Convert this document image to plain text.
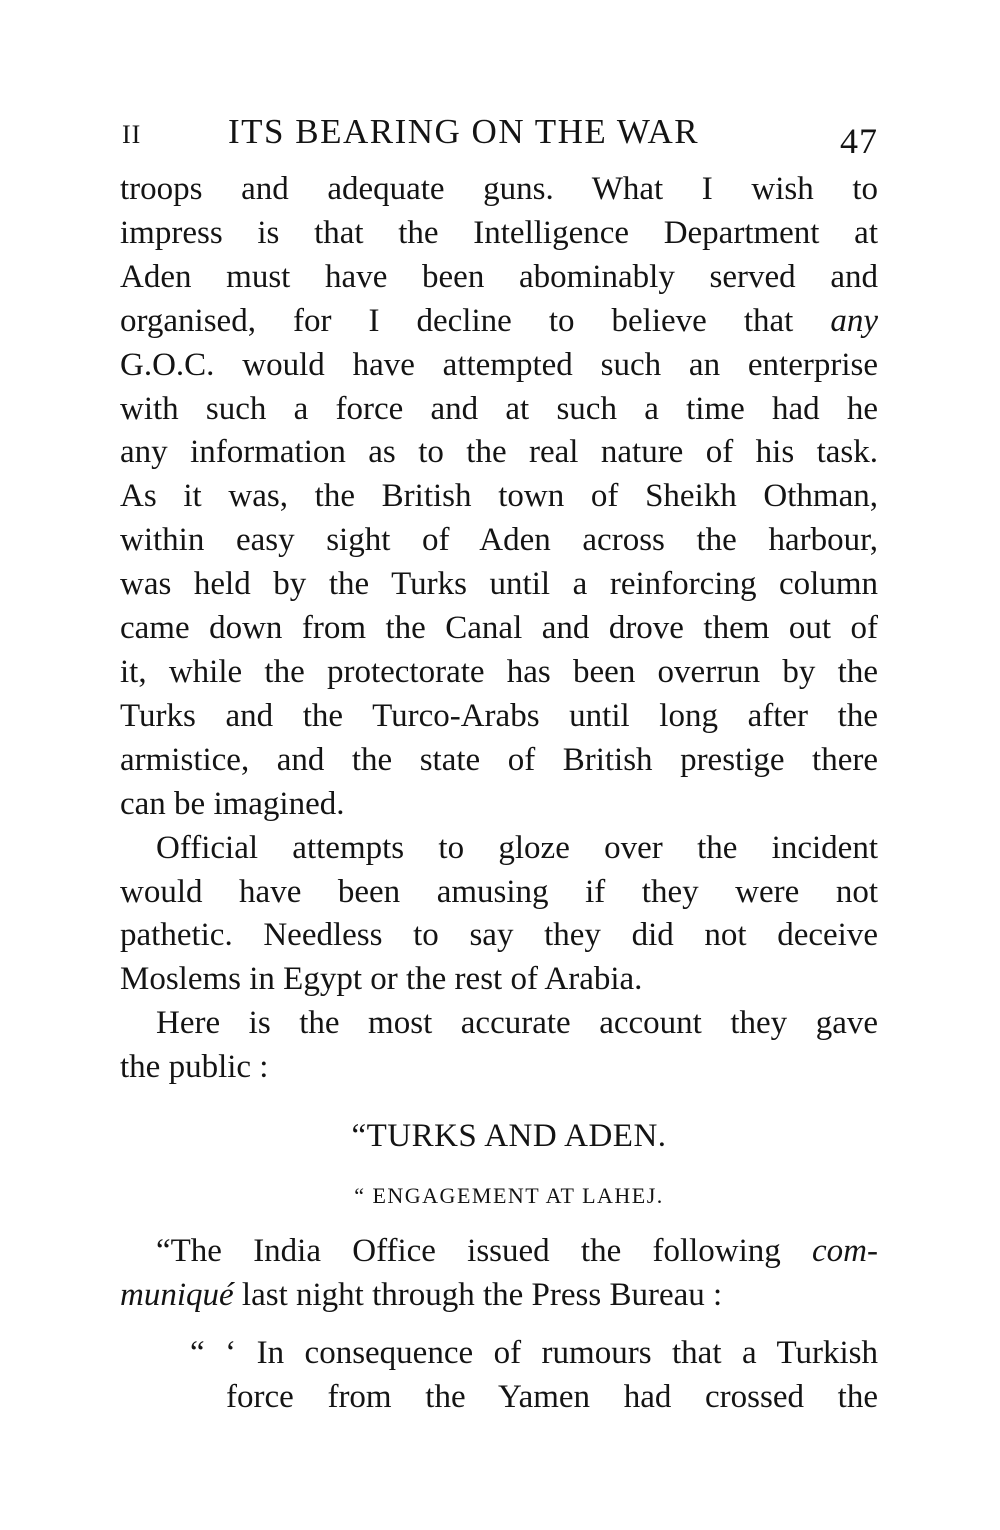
II ITS BEARING ON THE WAR	47
troops and adequate guns. What I wish to
impress is that the Intelligence Department at
Aden must have been abominably served and
organised, for I decline to believe that any
G.O.C. would have attempted such an enterprise
with such a force and at such a time had he
any information as to the real nature of his task.
As it was, the British town of Sheikh Othman,
within easy sight of Aden across the harbour,
was held by the Turks until a reinforcing column
came down from the Canal and drove them out of
it, while the protectorate has been overrun by the
Turks and the Turco-Arabs until long after the
armistice, and the state of British prestige there
can be imagined.
Official attempts to gloze over the incident
would have been amusing if they were not
pathetic. Needless to say they did not deceive
Moslems in Egypt or the rest of Arabia.
Here is the most accurate account they gave
the public :
“TURKS AND ADEN.
“ ENGAGEMENT AT LAHEJ.
“The India Office issued the following com-
muniqué last night through the Press Bureau :
“ ‘ In consequence of rumours that a Turkish
force from the Yamen had crossed the
